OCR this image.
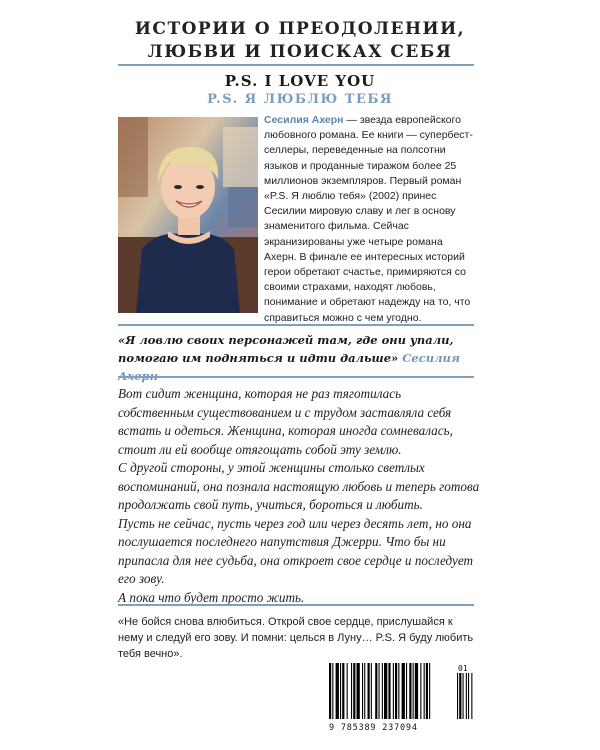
ИСТОРИИ О ПРЕОДОЛЕНИИ,
ЛЮБВИ И ПОИСКАХ СЕБЯ
P.S. I LOVE YOU
P.S. Я ЛЮБЛЮ ТЕБЯ
Сесилия Ахерн — звезда европейского любовного романа. Ее книги — супербест-селлеры, переведенные на полсотни языков и проданные тиражом более 25 миллионов экземпляров. Первый роман «P.S. Я люблю тебя» (2002) принес Сесилии мировую славу и лег в основу знаменитого фильма. Сейчас экранизированы уже четыре романа Ахерн. В финале ее интересных историй герои обретают счастье, примиряются со своими страхами, находят любовь, понимание и обретают надежду на то, что справиться можно с чем угодно.
«Я ловлю своих персонажей там, где они упали, помогаю им подняться и идти дальше» Сесилия

Вот сидит женщина, которая не раз тяготилась собственным существованием и с трудом заставляла себя встать и одеться. Женщина, которая иногда сомневалась, стоит ли ей вообще отягощать собой эту землю.

С другой стороны, у этой женщины столько светлых воспоминаний, она познала настоящую любовь и теперь готова продолжать свой путь, учиться, бороться и любить.

Пусть не сейчас, пусть через год или через десять лет, но она послушается последнего напутствия Джерри. Что бы ни припасла для нее судьба, она откроет свое сердце и последует его зову.

А пока что будет просто жить.

«Не бойся снова влюбиться. Открой свое сердце, прислушайся к нему и следуй его зову. И помни: целься в Луну… P.S. Я буду любить тебя вечно».
9 785389 237094
01
